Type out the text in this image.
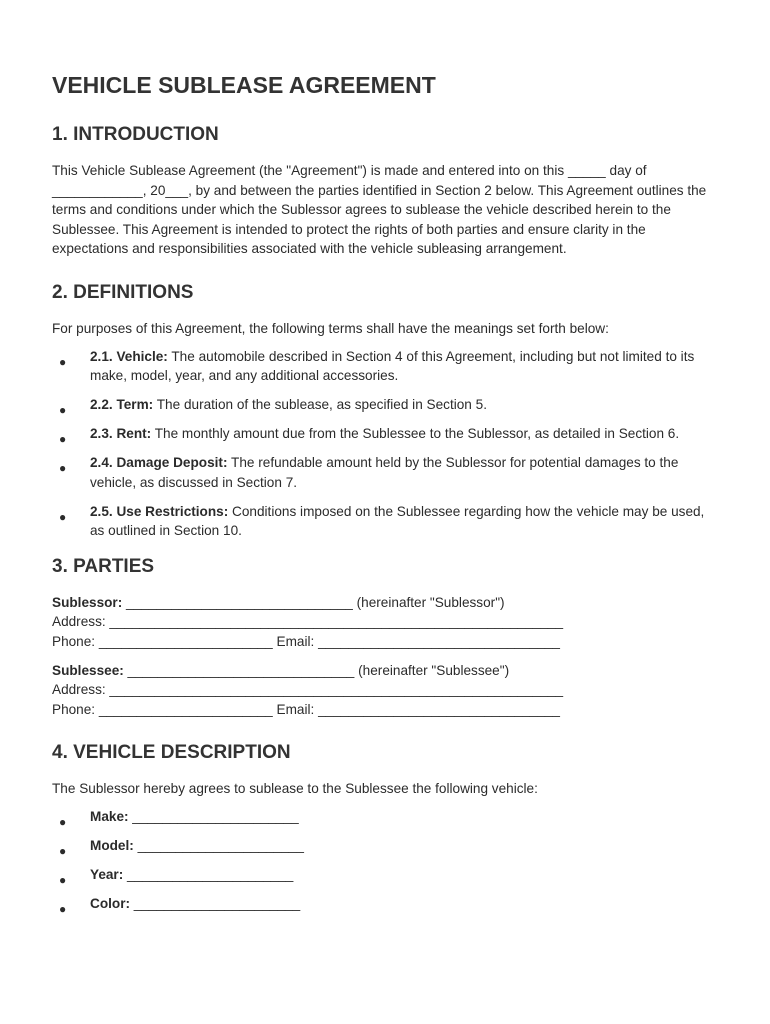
VEHICLE SUBLEASE AGREEMENT
1. INTRODUCTION

This Vehicle Sublease Agreement (the "Agreement") is made and entered into on this _____ day of ____________, 20___, by and between the parties identified in Section 2 below. This Agreement outlines the terms and conditions under which the Sublessor agrees to sublease the vehicle described herein to the Sublessee. This Agreement is intended to protect the rights of both parties and ensure clarity in the expectations and responsibilities associated with the vehicle subleasing arrangement.

2. DEFINITIONS

For purposes of this Agreement, the following terms shall have the meanings set forth below:

● 2.1. Vehicle: The automobile described in Section 4 of this Agreement, including but not limited to its make, model, year, and any additional accessories.
● 2.2. Term: The duration of the sublease, as specified in Section 5.
● 2.3. Rent: The monthly amount due from the Sublessee to the Sublessor, as detailed in Section 6.
● 2.4. Damage Deposit: The refundable amount held by the Sublessor for potential damages to the vehicle, as discussed in Section 7.
● 2.5. Use Restrictions: Conditions imposed on the Sublessee regarding how the vehicle may be used, as outlined in Section 10.
3. PARTIES
Sublessor: ______________________________ (hereinafter "Sublessor")
Address: ____________________________________________________________
Phone: _______________________ Email: ________________________________
Sublessee: ______________________________ (hereinafter "Sublessee")
Address: ____________________________________________________________
Phone: _______________________ Email: ________________________________
4. VEHICLE DESCRIPTION

The Sublessor hereby agrees to sublease to the Sublessee the following vehicle:

● Make: ______________________
● Model: ______________________
● Year: ______________________
● Color: ______________________
